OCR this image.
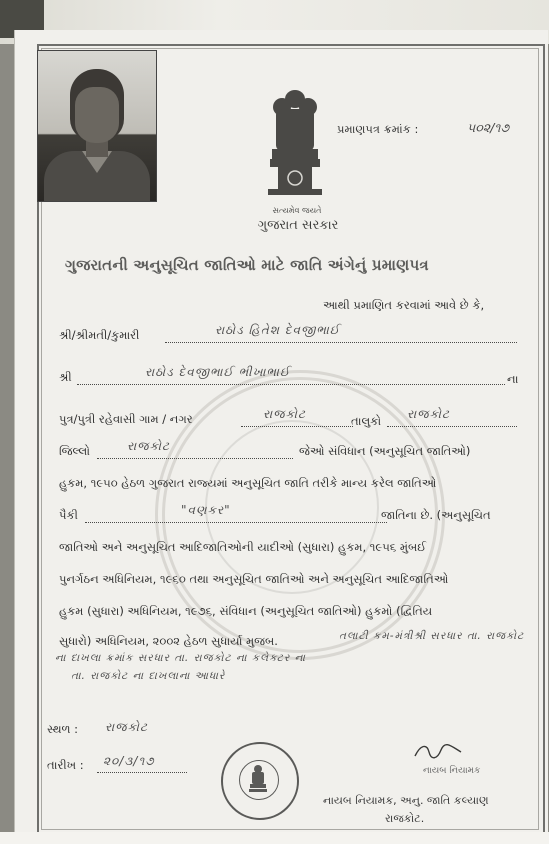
સત્યમેવ જયતે
ગુજરાત સરકાર
પ્રમાણપત્ર ક્રમાંક :	૫૦૨/૧૭
ગુજરાતની અનુસૂચિત જાતિઓ માટે જાતિ અંગેનું પ્રમાણપત્ર
આથી પ્રમાણિત કરવામાં આવે છે કે,
શ્રી/શ્રીમતી/કુમારી	રાઠોડ હિતેશ દેવજીભાઈ
શ્રી	રાઠોડ દેવજીભાઈ ભીખાભાઈ	ના
પુત્ર/પુત્રી રહેવાસી ગામ / નગર	રાજકોટ	તાલુકો રાજકોટ
જિલ્લો	રાજકોટ	જેઓ સંવિધાન (અનુસૂચિત જાતિઓ)
હુકમ, ૧૯૫૦ હેઠળ ગુજરાત રાજ્યમાં અનુસૂચિત જાતિ તરીકે માન્ય કરેલ જાતિઓ
પૈકી	"વણકર"	જાતિના છે. (અનુસૂચિત
જાતિઓ અને અનુસૂચિત આદિજાતિઓની યાદીઓ (સુધારા) હુકમ, ૧૯૫૬ મુંબઈ
પુનર્ગઠન અધિનિયમ, ૧૯૬૦ તથા અનુસૂચિત જાતિઓ અને અનુસૂચિત આદિજાતિઓ
હુકમ (સુધારા) અધિનિયમ, ૧૯૭૬, સંવિધાન (અનુસૂચિત જાતિઓ) હુકમો (દ્વિતિય
સુધારો) અધિનિયમ, ૨૦૦૨ હેઠળ સુધાર્યા મુજબ.	તલાટી કમ-મંત્રીશ્રી સરધાર તા. રાજકોટ
ના દાખલા ક્રમાંક સરધાર તા. રાજકોટ ના કલેક્ટર ના
તા. રાજકોટ ના દાખલાના આધારે
સ્થળ : રાજકોટ
તારીખ : ૨૦/૩/૧૭
નાયબ નિયામક
નાયબ નિયામક, અનુ. જાતિ કલ્યાણ
રાજકોટ.
